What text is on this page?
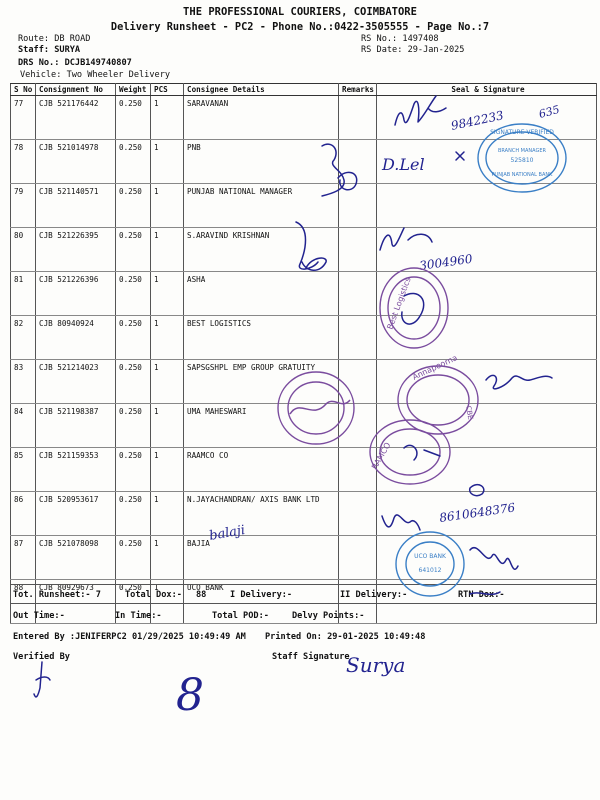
THE PROFESSIONAL COURIERS, COIMBATORE
Delivery Runsheet - PC2 - Phone No.:0422-3505555 - Page No.:7
Route: DB ROAD
Staff: SURYA
DRS No.: DCJB149740807
Vehicle: Two Wheeler Delivery
RS No.: 1497408
RS Date: 29-Jan-2025
S No	Consignment No	Weight	PCS	Consignee Details	Remarks	Seal & Signature
77	CJB 521176442	0.250	1	SARAVANAN		
78	CJB 521014978	0.250	1	PNB		
79	CJB 521140571	0.250	1	PUNJAB NATIONAL MANAGER		
80	CJB 521226395	0.250	1	S.ARAVIND KRISHNAN		
81	CJB 521226396	0.250	1	ASHA		
82	CJB 80940924	0.250	1	BEST LOGISTICS		
83	CJB 521214023	0.250	1	SAPSGSHPL EMP GROUP GRATUITY		
84	CJB 521198387	0.250	1	UMA MAHESWARI		
85	CJB 521159353	0.250	1	RAAMCO CO		
86	CJB 520953617	0.250	1	N.JAYACHANDRAN/ AXIS BANK LTD		
87	CJB 521078098	0.250	1	BAJIA		
88	CJB 80929673	0.250	1	UCO BANK		
Tot. Runsheet:- 7	Total Dox:- 88	I Delivery:-	II Delivery:-	RTN Dox:-
Out Time:-	In Time:-	Total POD:-	Delvy Points:-
Entered By :JENIFERPC2 01/29/2025 10:49:49 AM Printed On: 29-01-2025 10:49:48
Verified By	Staff Signature
9842233	635
SIGNATURE VERIFIED
BRANCH MANAGER
525810
PUNJAB NATIONAL BANK
D.Lel
3004960
Best Logistics
Annapoorna
CBE
RAMCO
balaji
8610648376
UCO BANK
641012
8
Surya
